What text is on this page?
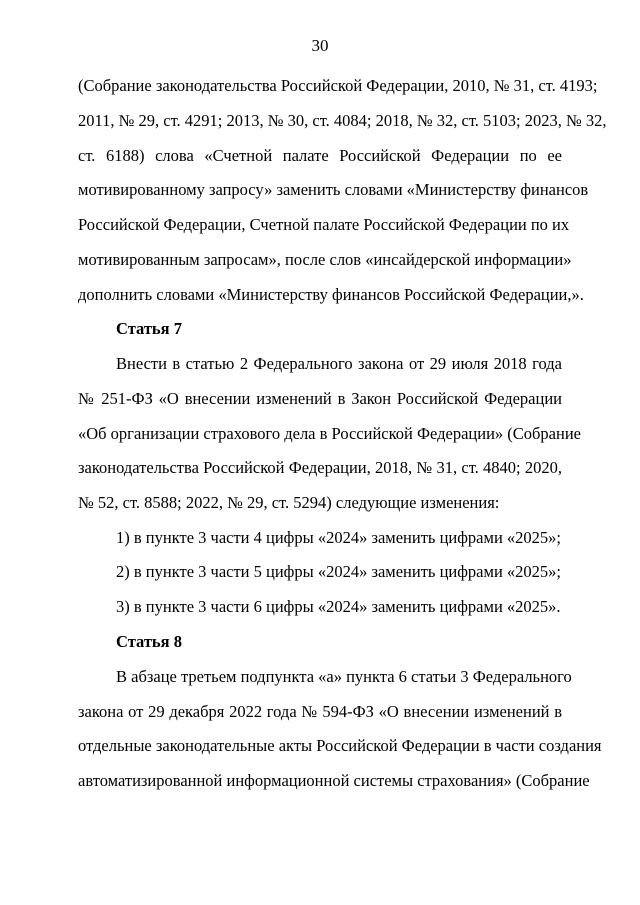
30
(Собрание законодательства Российской Федерации, 2010, № 31, ст. 4193;
2011, № 29, ст. 4291; 2013, № 30, ст. 4084; 2018, № 32, ст. 5103; 2023, № 32,
ст. 6188) слова «Счетной палате Российской Федерации по ее
мотивированному запросу» заменить словами «Министерству финансов
Российской Федерации, Счетной палате Российской Федерации по их
мотивированным запросам», после слов «инсайдерской информации»
дополнить словами «Министерству финансов Российской Федерации,».
Статья 7
Внести в статью 2 Федерального закона от 29 июля 2018 года
№ 251-ФЗ «О внесении изменений в Закон Российской Федерации
«Об организации страхового дела в Российской Федерации» (Собрание
законодательства Российской Федерации, 2018, № 31, ст. 4840; 2020,
№ 52, ст. 8588; 2022, № 29, ст. 5294) следующие изменения:
1) в пункте 3 части 4 цифры «2024» заменить цифрами «2025»;
2) в пункте 3 части 5 цифры «2024» заменить цифрами «2025»;
3) в пункте 3 части 6 цифры «2024» заменить цифрами «2025».
Статья 8
В абзаце третьем подпункта «а» пункта 6 статьи 3 Федерального
закона от 29 декабря 2022 года № 594-ФЗ «О внесении изменений в
отдельные законодательные акты Российской Федерации в части создания
автоматизированной информационной системы страхования» (Собрание
